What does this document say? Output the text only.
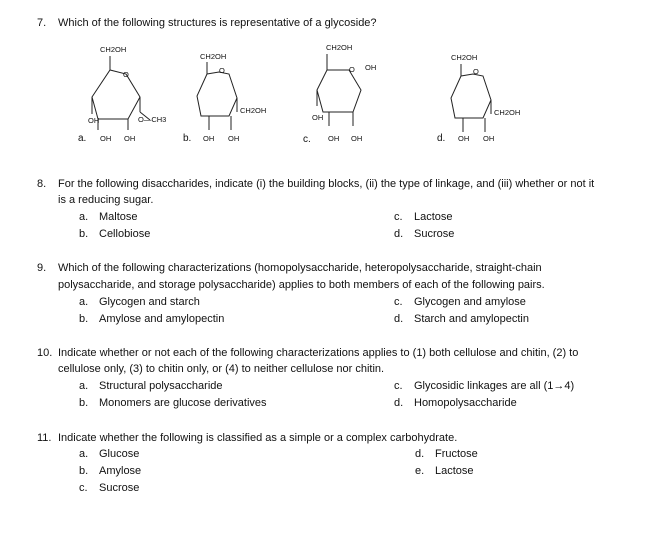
7. Which of the following structures is representative of a glycoside?
CH2OH
O
OH	O—CH3
OH OH
a.
CH2OH
O
CH2OH
OH OH
b.
CH2OH
O OH
OH
OH OH
c.
CH2OH
O
CH2OH
OH OH
d.
8. For the following disaccharides, indicate (i) the building blocks, (ii) the type of linkage, and (iii) whether or not it
is a reducing sugar.
a. Maltose
b. Cellobiose
c. Lactose
d. Sucrose
9. Which of the following characterizations (homopolysaccharide, heteropolysaccharide, straight-chain
polysaccharide, and storage polysaccharide) applies to both members of each of the following pairs.
a. Glycogen and starch
b. Amylose and amylopectin
c. Glycogen and amylose
d. Starch and amylopectin
10. Indicate whether or not each of the following characterizations applies to (1) both cellulose and chitin, (2) to
cellulose only, (3) to chitin only, or (4) to neither cellulose nor chitin.
a. Structural polysaccharide
b. Monomers are glucose derivatives
c. Glycosidic linkages are all (1→4)
d. Homopolysaccharide
11. Indicate whether the following is classified as a simple or a complex carbohydrate.
a. Glucose
b. Amylose
c. Sucrose
d. Fructose
e. Lactose
